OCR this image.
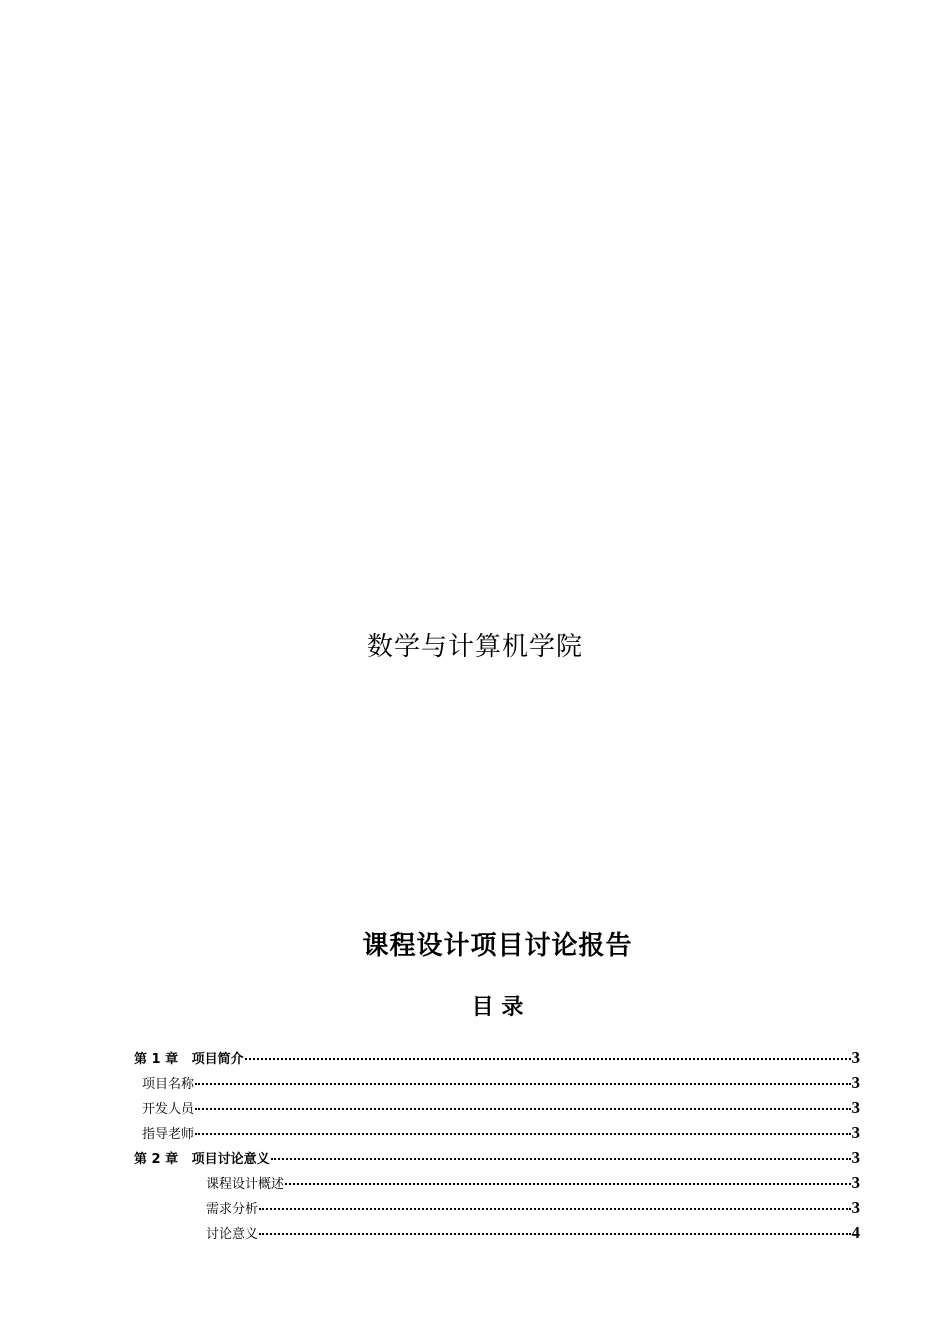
数学与计算机学院
课程设计项目讨论报告
目 录
第 1 章   项目简介	3
项目名称	3
开发人员	3
指导老师	3
第 2 章   项目讨论意义	3
课程设计概述	3
需求分析	3
讨论意义	4
